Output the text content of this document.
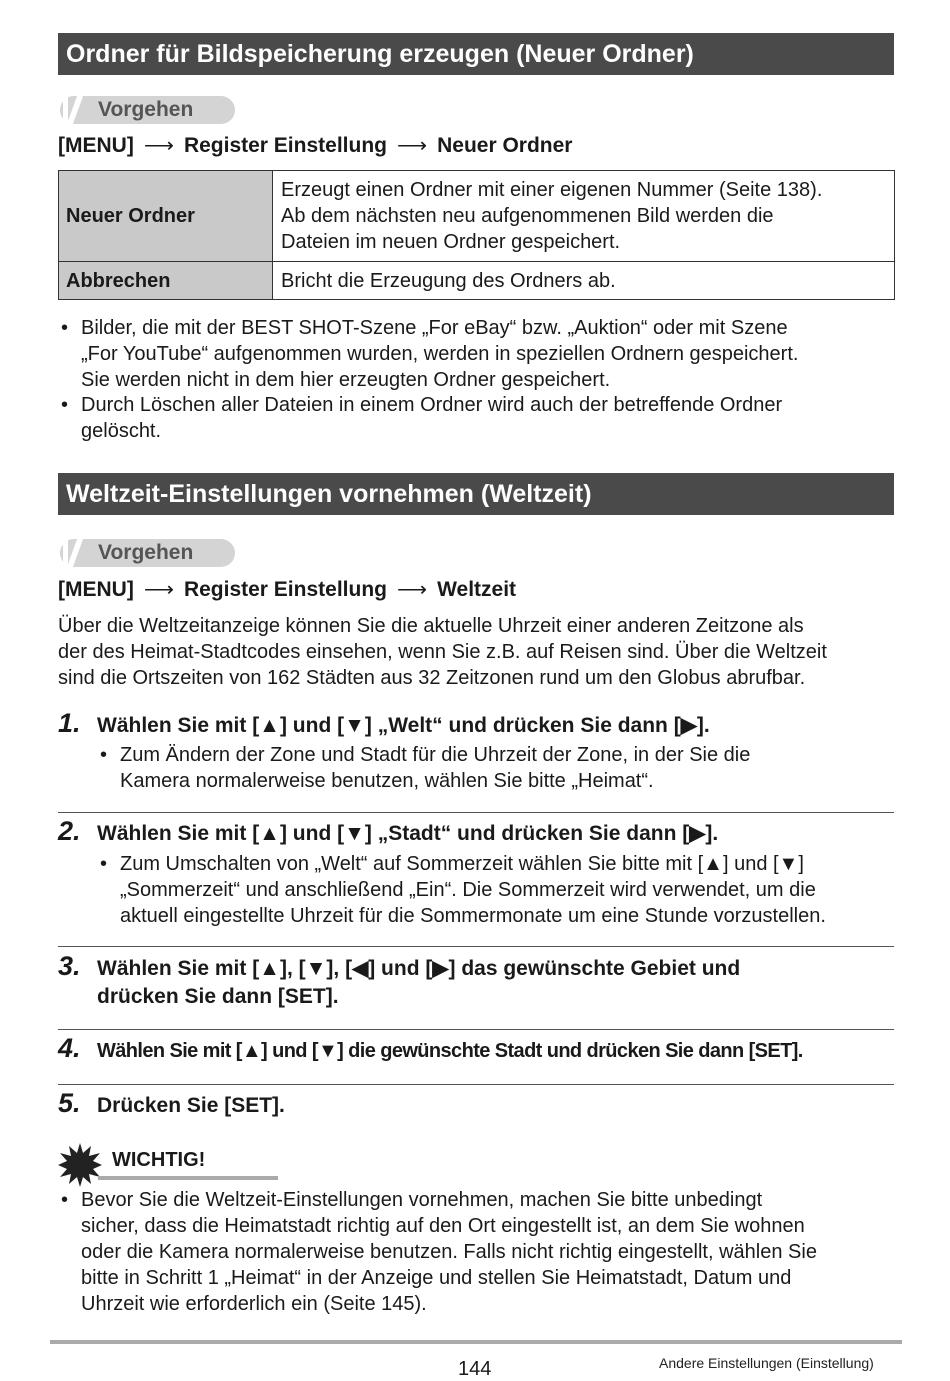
Ordner für Bildspeicherung erzeugen (Neuer Ordner)
Vorgehen
[MENU] ⟶ Register Einstellung ⟶ Neuer Ordner
Neuer Ordner	Erzeugt einen Ordner mit einer eigenen Nummer (Seite 138).
Ab dem nächsten neu aufgenommenen Bild werden die
Dateien im neuen Ordner gespeichert.

Abbrechen	Bricht die Erzeugung des Ordners ab.
• Bilder, die mit der BEST SHOT-Szene „For eBay“ bzw. „Auktion“ oder mit Szene
„For YouTube“ aufgenommen wurden, werden in speziellen Ordnern gespeichert.
Sie werden nicht in dem hier erzeugten Ordner gespeichert.
• Durch Löschen aller Dateien in einem Ordner wird auch der betreffende Ordner
gelöscht.
Weltzeit-Einstellungen vornehmen (Weltzeit)
Vorgehen
[MENU] ⟶ Register Einstellung ⟶ Weltzeit
Über die Weltzeitanzeige können Sie die aktuelle Uhrzeit einer anderen Zeitzone als
der des Heimat-Stadtcodes einsehen, wenn Sie z.B. auf Reisen sind. Über die Weltzeit
sind die Ortszeiten von 162 Städten aus 32 Zeitzonen rund um den Globus abrufbar.
1. Wählen Sie mit [▲] und [▼] „Welt“ und drücken Sie dann [▶].
• Zum Ändern der Zone und Stadt für die Uhrzeit der Zone, in der Sie die
Kamera normalerweise benutzen, wählen Sie bitte „Heimat“.
2. Wählen Sie mit [▲] und [▼] „Stadt“ und drücken Sie dann [▶].
• Zum Umschalten von „Welt“ auf Sommerzeit wählen Sie bitte mit [▲] und [▼]
„Sommerzeit“ und anschließend „Ein“. Die Sommerzeit wird verwendet, um die
aktuell eingestellte Uhrzeit für die Sommermonate um eine Stunde vorzustellen.
3. Wählen Sie mit [▲], [▼], [◀] und [▶] das gewünschte Gebiet und
drücken Sie dann [SET].
4. Wählen Sie mit [▲] und [▼] die gewünschte Stadt und drücken Sie dann [SET].
5. Drücken Sie [SET].
WICHTIG!
• Bevor Sie die Weltzeit-Einstellungen vornehmen, machen Sie bitte unbedingt
sicher, dass die Heimatstadt richtig auf den Ort eingestellt ist, an dem Sie wohnen
oder die Kamera normalerweise benutzen. Falls nicht richtig eingestellt, wählen Sie
bitte in Schritt 1 „Heimat“ in der Anzeige und stellen Sie Heimatstadt, Datum und
Uhrzeit wie erforderlich ein (Seite 145).
144	Andere Einstellungen (Einstellung)
